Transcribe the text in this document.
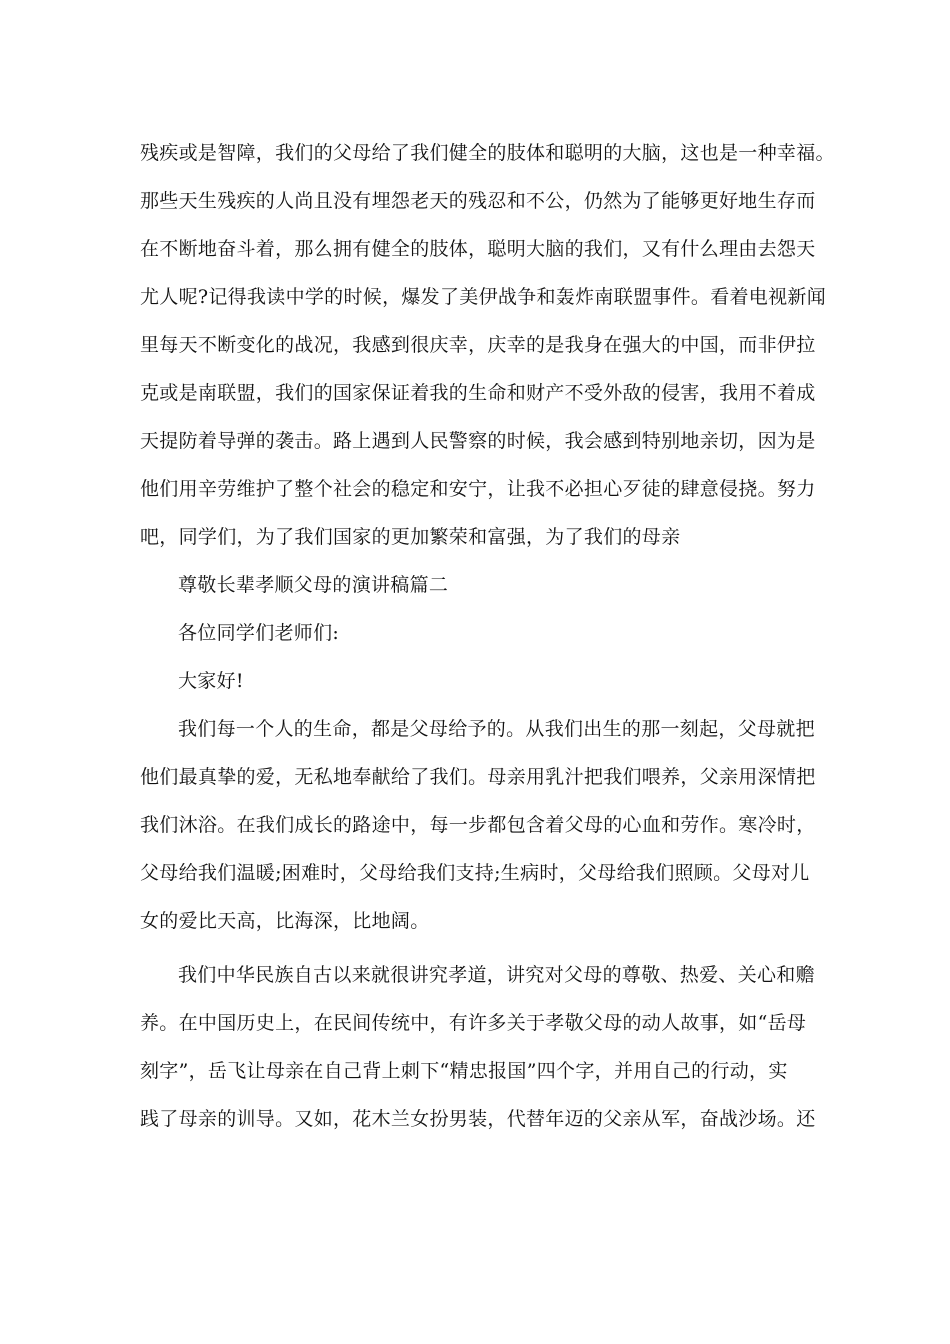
残疾或是智障，我们的父母给了我们健全的肢体和聪明的大脑，这也是一种幸福。
那些天生残疾的人尚且没有埋怨老天的残忍和不公，仍然为了能够更好地生存而
在不断地奋斗着，那么拥有健全的肢体，聪明大脑的我们，又有什么理由去怨天
尤人呢?记得我读中学的时候，爆发了美伊战争和轰炸南联盟事件。看着电视新闻
里每天不断变化的战况，我感到很庆幸，庆幸的是我身在强大的中国，而非伊拉
克或是南联盟，我们的国家保证着我的生命和财产不受外敌的侵害，我用不着成
天提防着导弹的袭击。路上遇到人民警察的时候，我会感到特别地亲切，因为是
他们用辛劳维护了整个社会的稳定和安宁，让我不必担心歹徒的肆意侵挠。努力
吧，同学们，为了我们国家的更加繁荣和富强，为了我们的母亲
尊敬长辈孝顺父母的演讲稿篇二
各位同学们老师们:
大家好!
我们每一个人的生命，都是父母给予的。从我们出生的那一刻起，父母就把
他们最真挚的爱，无私地奉献给了我们。母亲用乳汁把我们喂养，父亲用深情把
我们沐浴。在我们成长的路途中，每一步都包含着父母的心血和劳作。寒冷时，
父母给我们温暖;困难时，父母给我们支持;生病时，父母给我们照顾。父母对儿
女的爱比天高，比海深，比地阔。
我们中华民族自古以来就很讲究孝道，讲究对父母的尊敬、热爱、关心和赡
养。在中国历史上，在民间传统中，有许多关于孝敬父母的动人故事，如“岳母
刻字”，岳飞让母亲在自己背上刺下“精忠报国”四个字，并用自己的行动，实
践了母亲的训导。又如，花木兰女扮男装，代替年迈的父亲从军，奋战沙场。还
